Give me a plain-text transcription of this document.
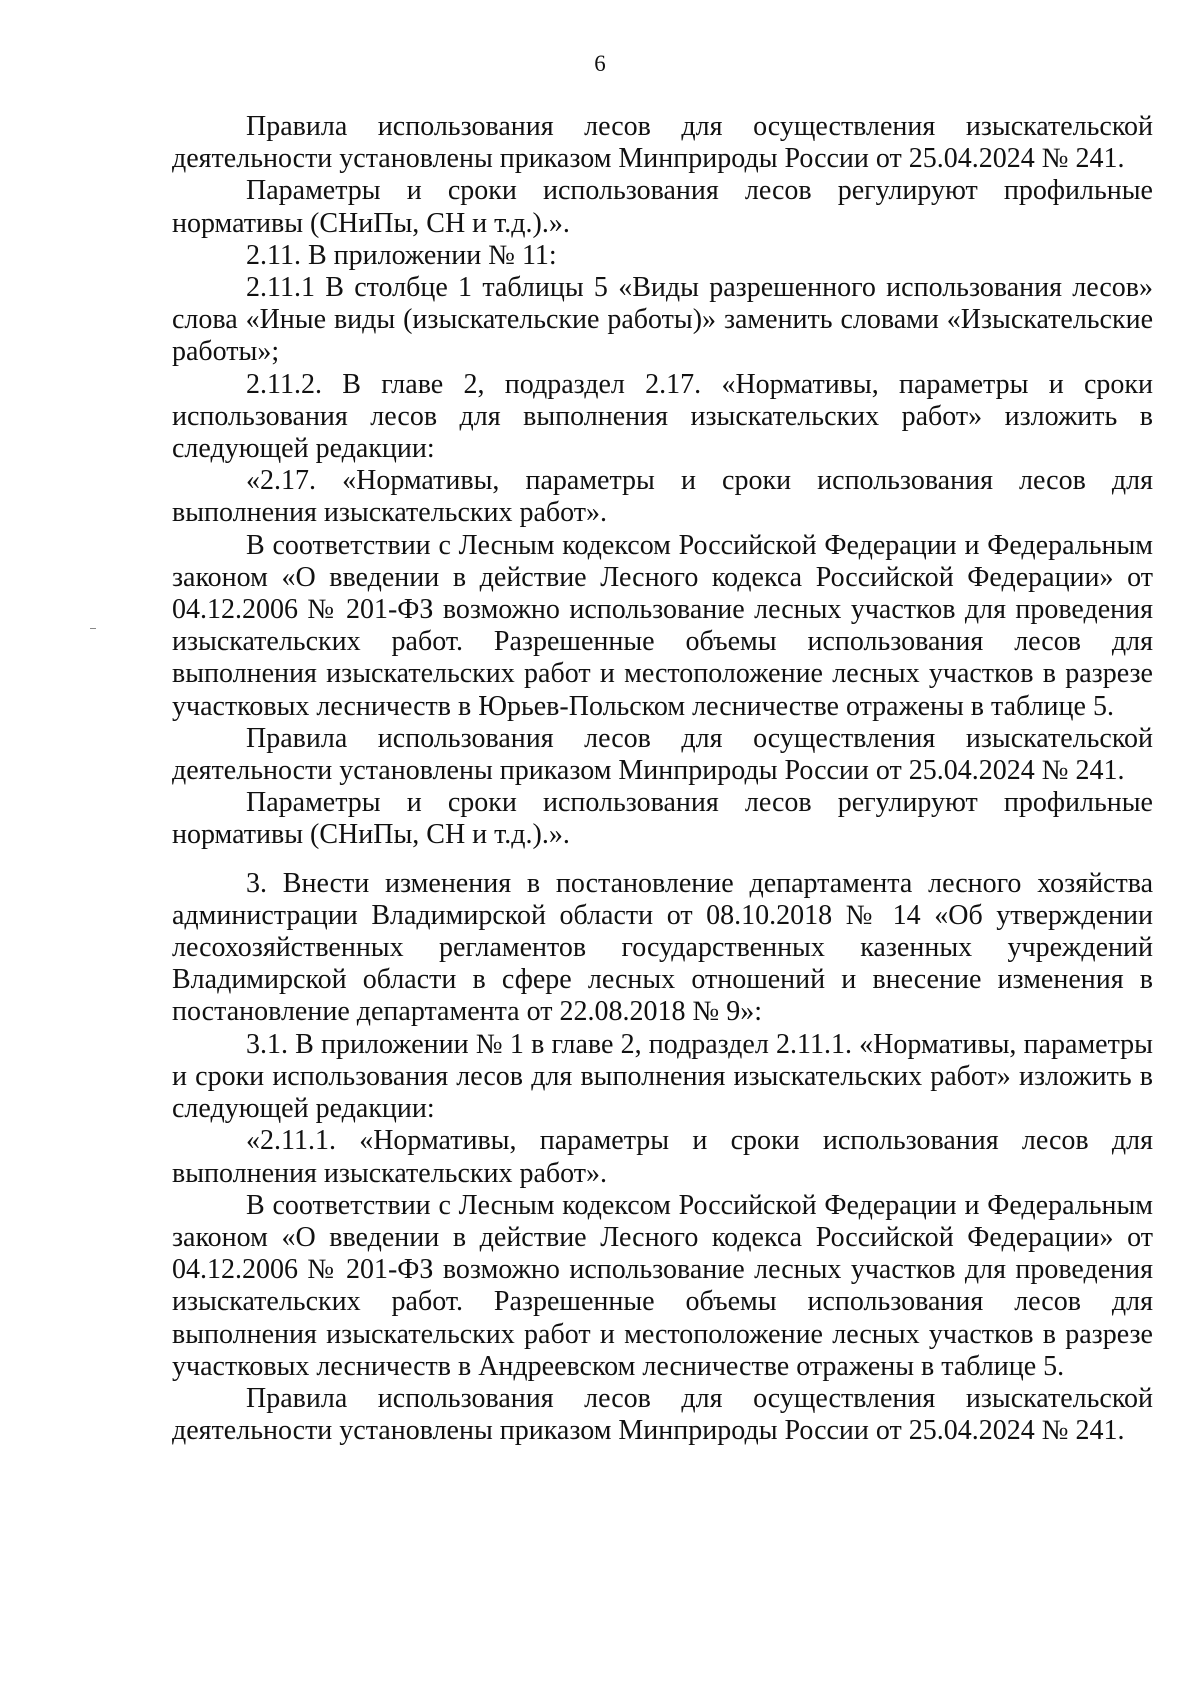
6

Правила использования лесов для осуществления изыскательской деятельности установлены приказом Минприроды России от 25.04.2024 № 241.

Параметры и сроки использования лесов регулируют профильные нормативы (СНиПы, СН и т.д.).».

2.11. В приложении № 11:

2.11.1 В столбце 1 таблицы 5 «Виды разрешенного использования лесов» слова «Иные виды (изыскательские работы)» заменить словами «Изыскательские работы»;

2.11.2. В главе 2, подраздел 2.17. «Нормативы, параметры и сроки использования лесов для выполнения изыскательских работ» изложить в следующей редакции:

«2.17. «Нормативы, параметры и сроки использования лесов для выполнения изыскательских работ».

В соответствии с Лесным кодексом Российской Федерации и Федеральным законом «О введении в действие Лесного кодекса Российской Федерации» от 04.12.2006 № 201-ФЗ возможно использование лесных участков для проведения изыскательских работ. Разрешенные объемы использования лесов для выполнения изыскательских работ и местоположение лесных участков в разрезе участковых лесничеств в Юрьев-Польском лесничестве отражены в таблице 5.

Правила использования лесов для осуществления изыскательской деятельности установлены приказом Минприроды России от 25.04.2024 № 241.

Параметры и сроки использования лесов регулируют профильные нормативы (СНиПы, СН и т.д.).».

3. Внести изменения в постановление департамента лесного хозяйства администрации Владимирской области от 08.10.2018 № 14 «Об утверждении лесохозяйственных регламентов государственных казенных учреждений Владимирской области в сфере лесных отношений и внесение изменения в постановление департамента от 22.08.2018 № 9»:

3.1. В приложении № 1 в главе 2, подраздел 2.11.1. «Нормативы, параметры и сроки использования лесов для выполнения изыскательских работ» изложить в следующей редакции:

«2.11.1. «Нормативы, параметры и сроки использования лесов для выполнения изыскательских работ».

В соответствии с Лесным кодексом Российской Федерации и Федеральным законом «О введении в действие Лесного кодекса Российской Федерации» от 04.12.2006 № 201-ФЗ возможно использование лесных участков для проведения изыскательских работ. Разрешенные объемы использования лесов для выполнения изыскательских работ и местоположение лесных участков в разрезе участковых лесничеств в Андреевском лесничестве отражены в таблице 5.

Правила использования лесов для осуществления изыскательской деятельности установлены приказом Минприроды России от 25.04.2024 № 241.
